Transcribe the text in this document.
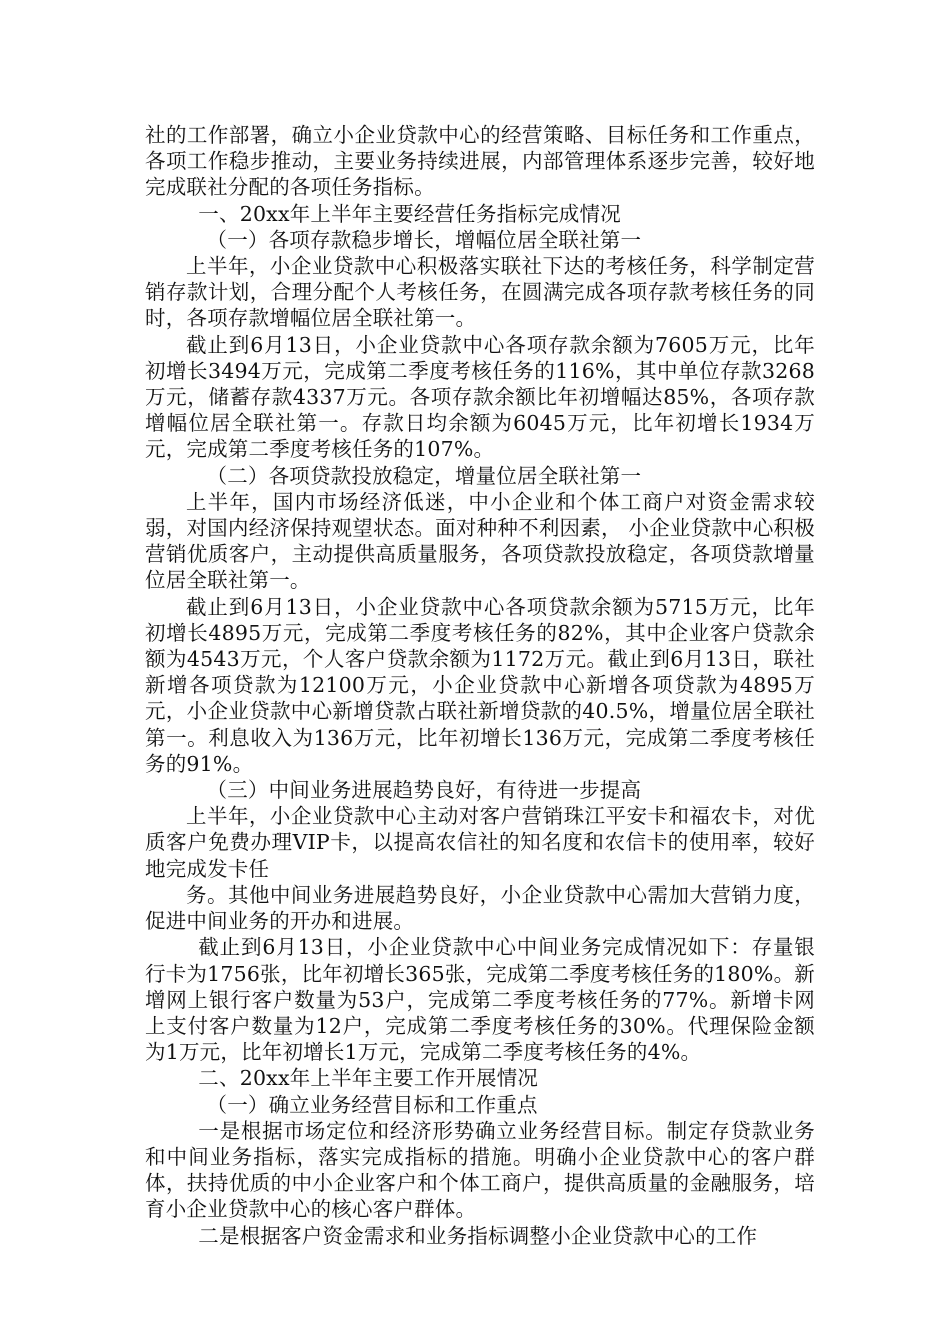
社的工作部署，确立小企业贷款中心的经营策略、目标任务和工作重点，各项工作稳步推动，主要业务持续进展，内部管理体系逐步完善，较好地完成联社分配的各项任务指标。

一、20xx年上半年主要经营任务指标完成情况

（一）各项存款稳步增长，增幅位居全联社第一

上半年，小企业贷款中心积极落实联社下达的考核任务，科学制定营销存款计划，合理分配个人考核任务，在圆满完成各项存款考核任务的同时，各项存款增幅位居全联社第一。

截止到6月13日，小企业贷款中心各项存款余额为7605万元，比年初增长3494万元，完成第二季度考核任务的116%，其中单位存款3268万元，储蓄存款4337万元。各项存款余额比年初增幅达85%，各项存款增幅位居全联社第一。存款日均余额为6045万元，比年初增长1934万元，完成第二季度考核任务的107%。

（二）各项贷款投放稳定，增量位居全联社第一

上半年，国内市场经济低迷，中小企业和个体工商户对资金需求较弱，对国内经济保持观望状态。面对种种不利因素， 小企业贷款中心积极营销优质客户，主动提供高质量服务，各项贷款投放稳定，各项贷款增量位居全联社第一。

截止到6月13日，小企业贷款中心各项贷款余额为5715万元，比年初增长4895万元，完成第二季度考核任务的82%，其中企业客户贷款余额为4543万元，个人客户贷款余额为1172万元。截止到6月13日，联社新增各项贷款为12100万元，小企业贷款中心新增各项贷款为4895万元，小企业贷款中心新增贷款占联社新增贷款的40.5%，增量位居全联社第一。利息收入为136万元，比年初增长136万元，完成第二季度考核任务的91%。

（三）中间业务进展趋势良好，有待进一步提高

上半年，小企业贷款中心主动对客户营销珠江平安卡和福农卡，对优质客户免费办理VIP卡，以提高农信社的知名度和农信卡的使用率，较好地完成发卡任

务。其他中间业务进展趋势良好，小企业贷款中心需加大营销力度，促进中间业务的开办和进展。

截止到6月13日，小企业贷款中心中间业务完成情况如下：存量银行卡为1756张，比年初增长365张，完成第二季度考核任务的180%。新增网上银行客户数量为53户，完成第二季度考核任务的77%。新增卡网上支付客户数量为12户，完成第二季度考核任务的30%。代理保险金额为1万元，比年初增长1万元，完成第二季度考核任务的4%。

二、20xx年上半年主要工作开展情况

（一）确立业务经营目标和工作重点

一是根据市场定位和经济形势确立业务经营目标。制定存贷款业务和中间业务指标，落实完成指标的措施。明确小企业贷款中心的客户群体，扶持优质的中小企业客户和个体工商户，提供高质量的金融服务，培育小企业贷款中心的核心客户群体。

二是根据客户资金需求和业务指标调整小企业贷款中心的工作
